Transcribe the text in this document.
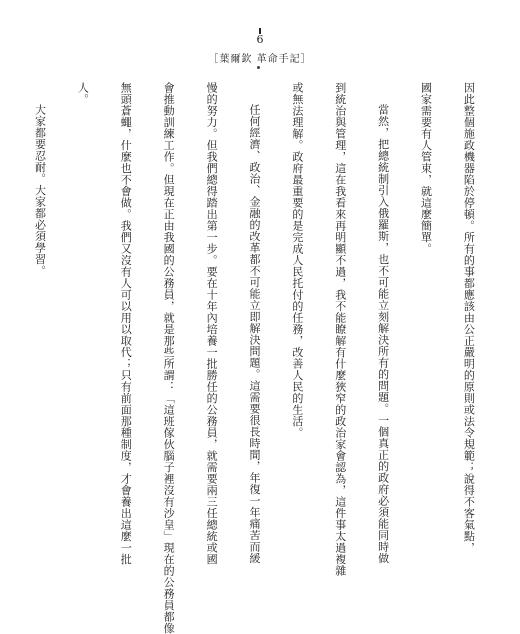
6
［葉爾欽 革命手記］

因此整個施政機器陷於停頓。所有的事都應該由公正嚴明的原則或法令規範；說得不客氣點，

國家需要有人管束，就這麼簡單。

當然，把總統制引入俄羅斯，也不可能立刻解決所有的問題。一個真正的政府必須能同時做

到統治與管理，這在我看來再明顯不過，我不能瞭解有什麼狹窄的政治家會認為，這件事太過複雜

或無法理解。政府最重要的是完成人民托付的任務，改善人民的生活。

任何經濟、政治、金融的改革都不可能立即解決問題。這需要很長時間，年復一年痛苦而緩

慢的努力。但我們總得踏出第一步。要在十年內培養一批勝任的公務員，就需要兩三任總統或國

會推動訓練工作。但現在正由我國的公務員，就是那些所謂：「這班傢伙腦子裡沒有沙皇」現在的公務員都像

無頭蒼蠅，什麼也不會做。我們又沒有人可以用以取代；只有前面那種制度，才會養出這麼一批

人。

大家都要忍耐。大家都必須學習。
